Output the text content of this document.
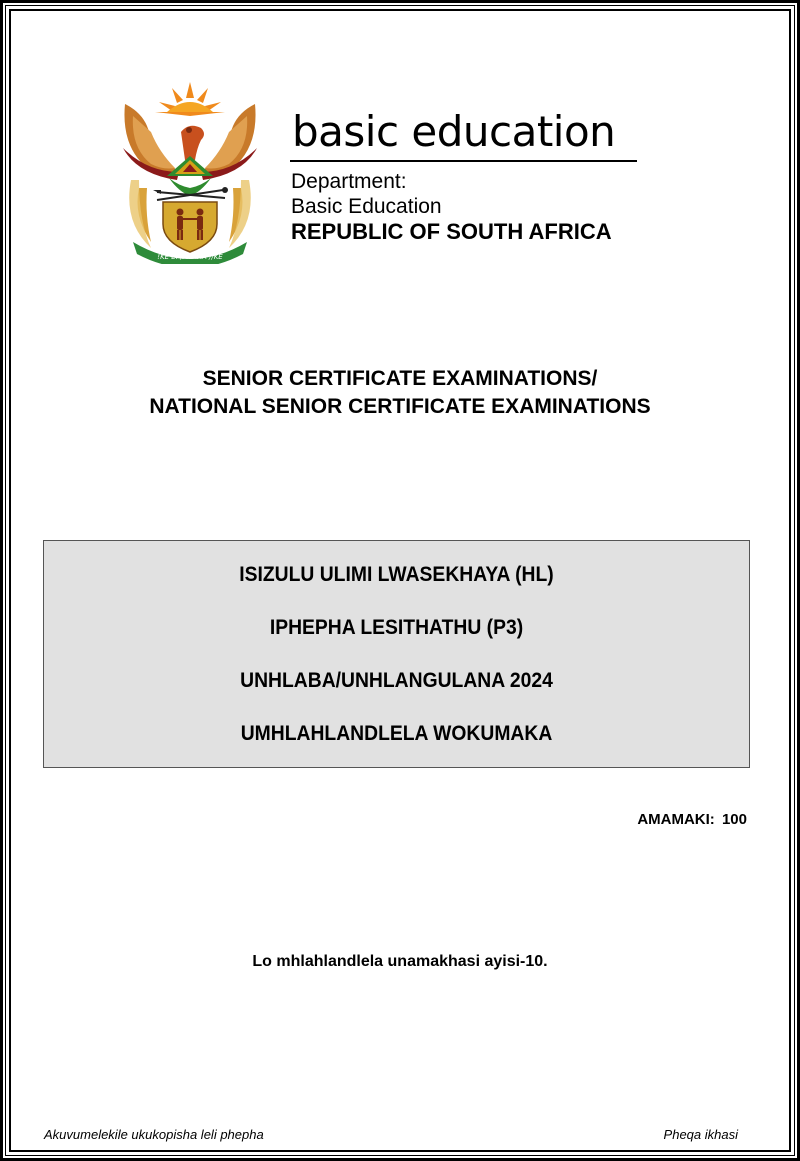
!KE E: /XARRA //KE
basic education
Department:
Basic Education
REPUBLIC OF SOUTH AFRICA
SENIOR CERTIFICATE EXAMINATIONS/
NATIONAL SENIOR CERTIFICATE EXAMINATIONS
ISIZULU ULIMI LWASEKHAYA (HL)
IPHEPHA LESITHATHU (P3)
UNHLABA/UNHLANGULANA 2024
UMHLAHLANDLELA WOKUMAKA
AMAMAKI: 100
Lo mhlahlandlela unamakhasi ayisi-10.
Akuvumelekile ukukopisha leli phepha	Pheqa ikhasi
